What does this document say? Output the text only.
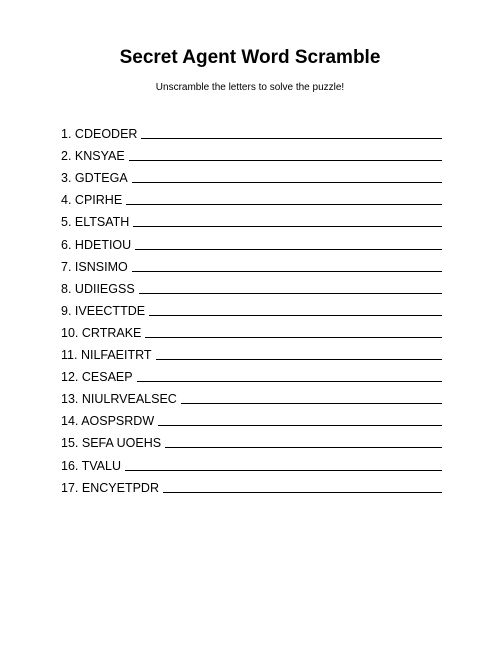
Secret Agent Word Scramble

Unscramble the letters to solve the puzzle!

1. CDEODER
2. KNSYAE
3. GDTEGA
4. CPIRHE
5. ELTSATH
6. HDETIOU
7. ISNSIMO
8. UDIIEGSS
9. IVEECTTDE
10. CRTRAKE
11. NILFAEITRT
12. CESAEP
13. NIULRVEALSEC
14. AOSPSRDW
15. SEFA UOEHS
16. TVALU
17. ENCYETPDR
